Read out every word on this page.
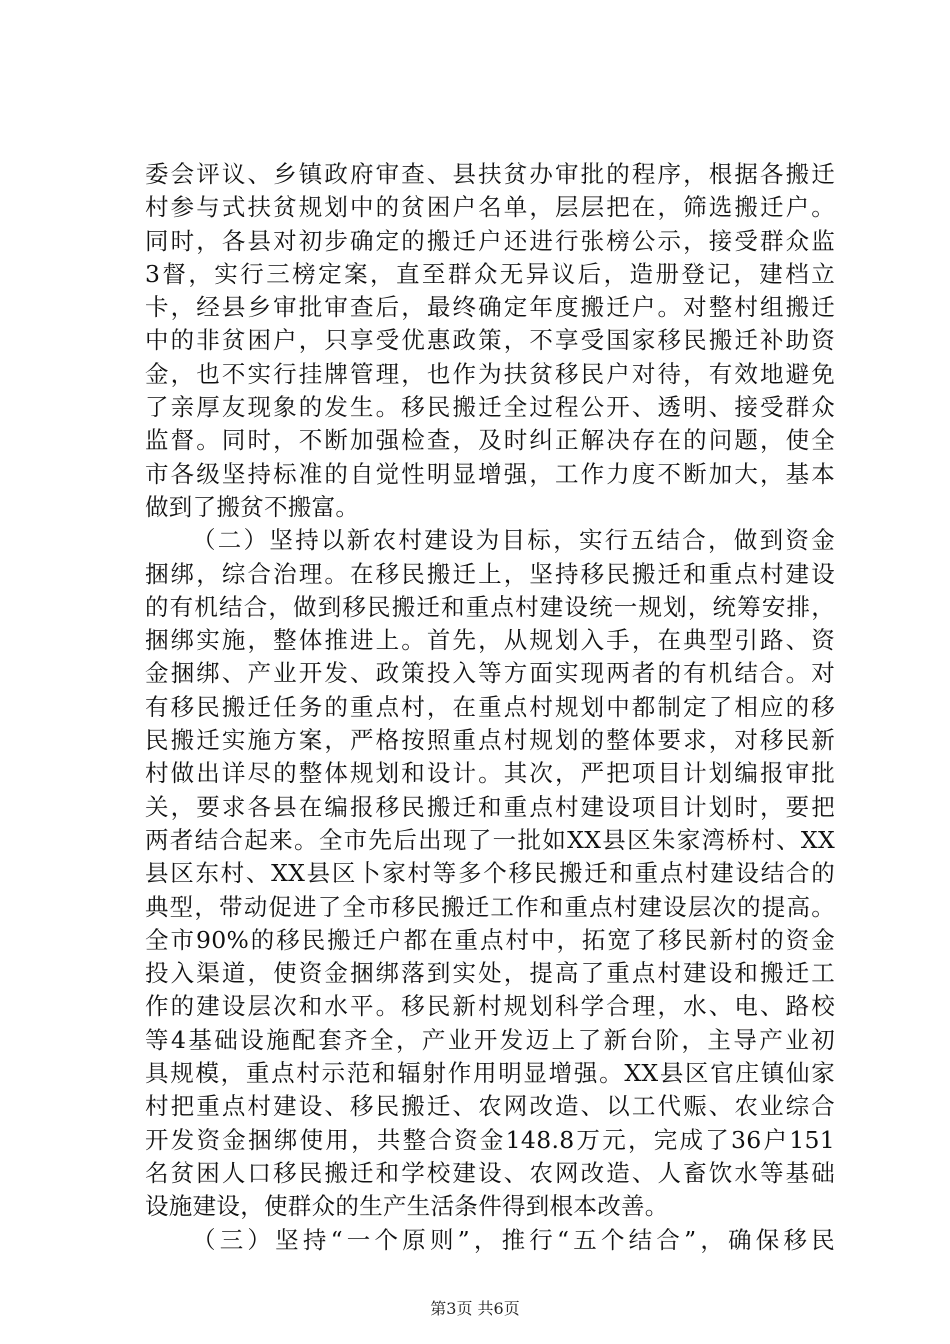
委会评议、乡镇政府审查、县扶贫办审批的程序，根据各搬迁
村参与式扶贫规划中的贫困户名单，层层把在，筛选搬迁户。
同时，各县对初步确定的搬迁户还进行张榜公示，接受群众监
3督，实行三榜定案，直至群众无异议后，造册登记，建档立
卡，经县乡审批审查后，最终确定年度搬迁户。对整村组搬迁
中的非贫困户，只享受优惠政策，不享受国家移民搬迁补助资
金，也不实行挂牌管理，也作为扶贫移民户对待，有效地避免
了亲厚友现象的发生。移民搬迁全过程公开、透明、接受群众
监督。同时，不断加强检查，及时纠正解决存在的问题，使全
市各级坚持标准的自觉性明显增强，工作力度不断加大，基本
做到了搬贫不搬富。
（二）坚持以新农村建设为目标，实行五结合，做到资金
捆绑，综合治理。在移民搬迁上，坚持移民搬迁和重点村建设
的有机结合，做到移民搬迁和重点村建设统一规划，统筹安排，
捆绑实施，整体推进上。首先，从规划入手，在典型引路、资
金捆绑、产业开发、政策投入等方面实现两者的有机结合。对
有移民搬迁任务的重点村，在重点村规划中都制定了相应的移
民搬迁实施方案，严格按照重点村规划的整体要求，对移民新
村做出详尽的整体规划和设计。其次，严把项目计划编报审批
关，要求各县在编报移民搬迁和重点村建设项目计划时，要把
两者结合起来。全市先后出现了一批如XX县区朱家湾桥村、XX
县区东村、XX县区卜家村等多个移民搬迁和重点村建设结合的
典型，带动促进了全市移民搬迁工作和重点村建设层次的提高。
全市90%的移民搬迁户都在重点村中，拓宽了移民新村的资金
投入渠道，使资金捆绑落到实处，提高了重点村建设和搬迁工
作的建设层次和水平。移民新村规划科学合理，水、电、路校
等4基础设施配套齐全，产业开发迈上了新台阶，主导产业初
具规模，重点村示范和辐射作用明显增强。XX县区官庄镇仙家
村把重点村建设、移民搬迁、农网改造、以工代赈、农业综合
开发资金捆绑使用，共整合资金148.8万元，完成了36户151
名贫困人口移民搬迁和学校建设、农网改造、人畜饮水等基础
设施建设，使群众的生产生活条件得到根本改善。
（三）坚持“一个原则”，推行“五个结合”，确保移民
第3页 共6页
